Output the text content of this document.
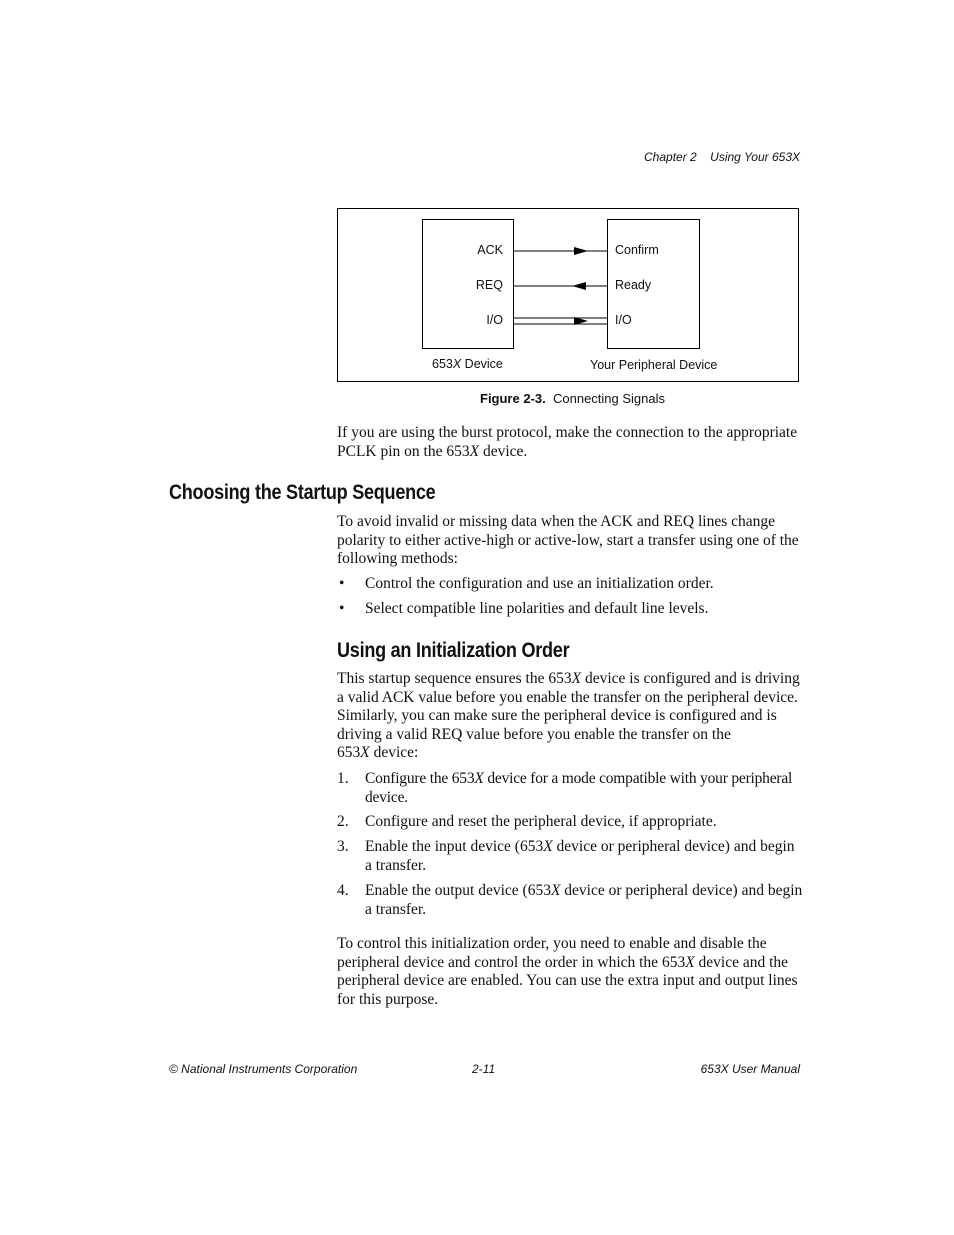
Chapter 2 Using Your 653X
ACK
REQ
I/O
Confirm
Ready
I/O
653X Device	Your Peripheral Device
Figure 2-3. Connecting Signals
If you are using the burst protocol, make the connection to the appropriate PCLK pin on the 653X device.
Choosing the Startup Sequence
To avoid invalid or missing data when the ACK and REQ lines change polarity to either active-high or active-low, start a transfer using one of the following methods:
• Control the configuration and use an initialization order.
• Select compatible line polarities and default line levels.
Using an Initialization Order
This startup sequence ensures the 653X device is configured and is driving a valid ACK value before you enable the transfer on the peripheral device. Similarly, you can make sure the peripheral device is configured and is driving a valid REQ value before you enable the transfer on the
653X device:
1. Configure the 653X device for a mode compatible with your peripheral device.
2. Configure and reset the peripheral device, if appropriate.
3. Enable the input device (653X device or peripheral device) and begin a transfer.
4. Enable the output device (653X device or peripheral device) and begin a transfer.
To control this initialization order, you need to enable and disable the peripheral device and control the order in which the 653X device and the peripheral device are enabled. You can use the extra input and output lines for this purpose.
© National Instruments Corporation	2-11	653X User Manual
